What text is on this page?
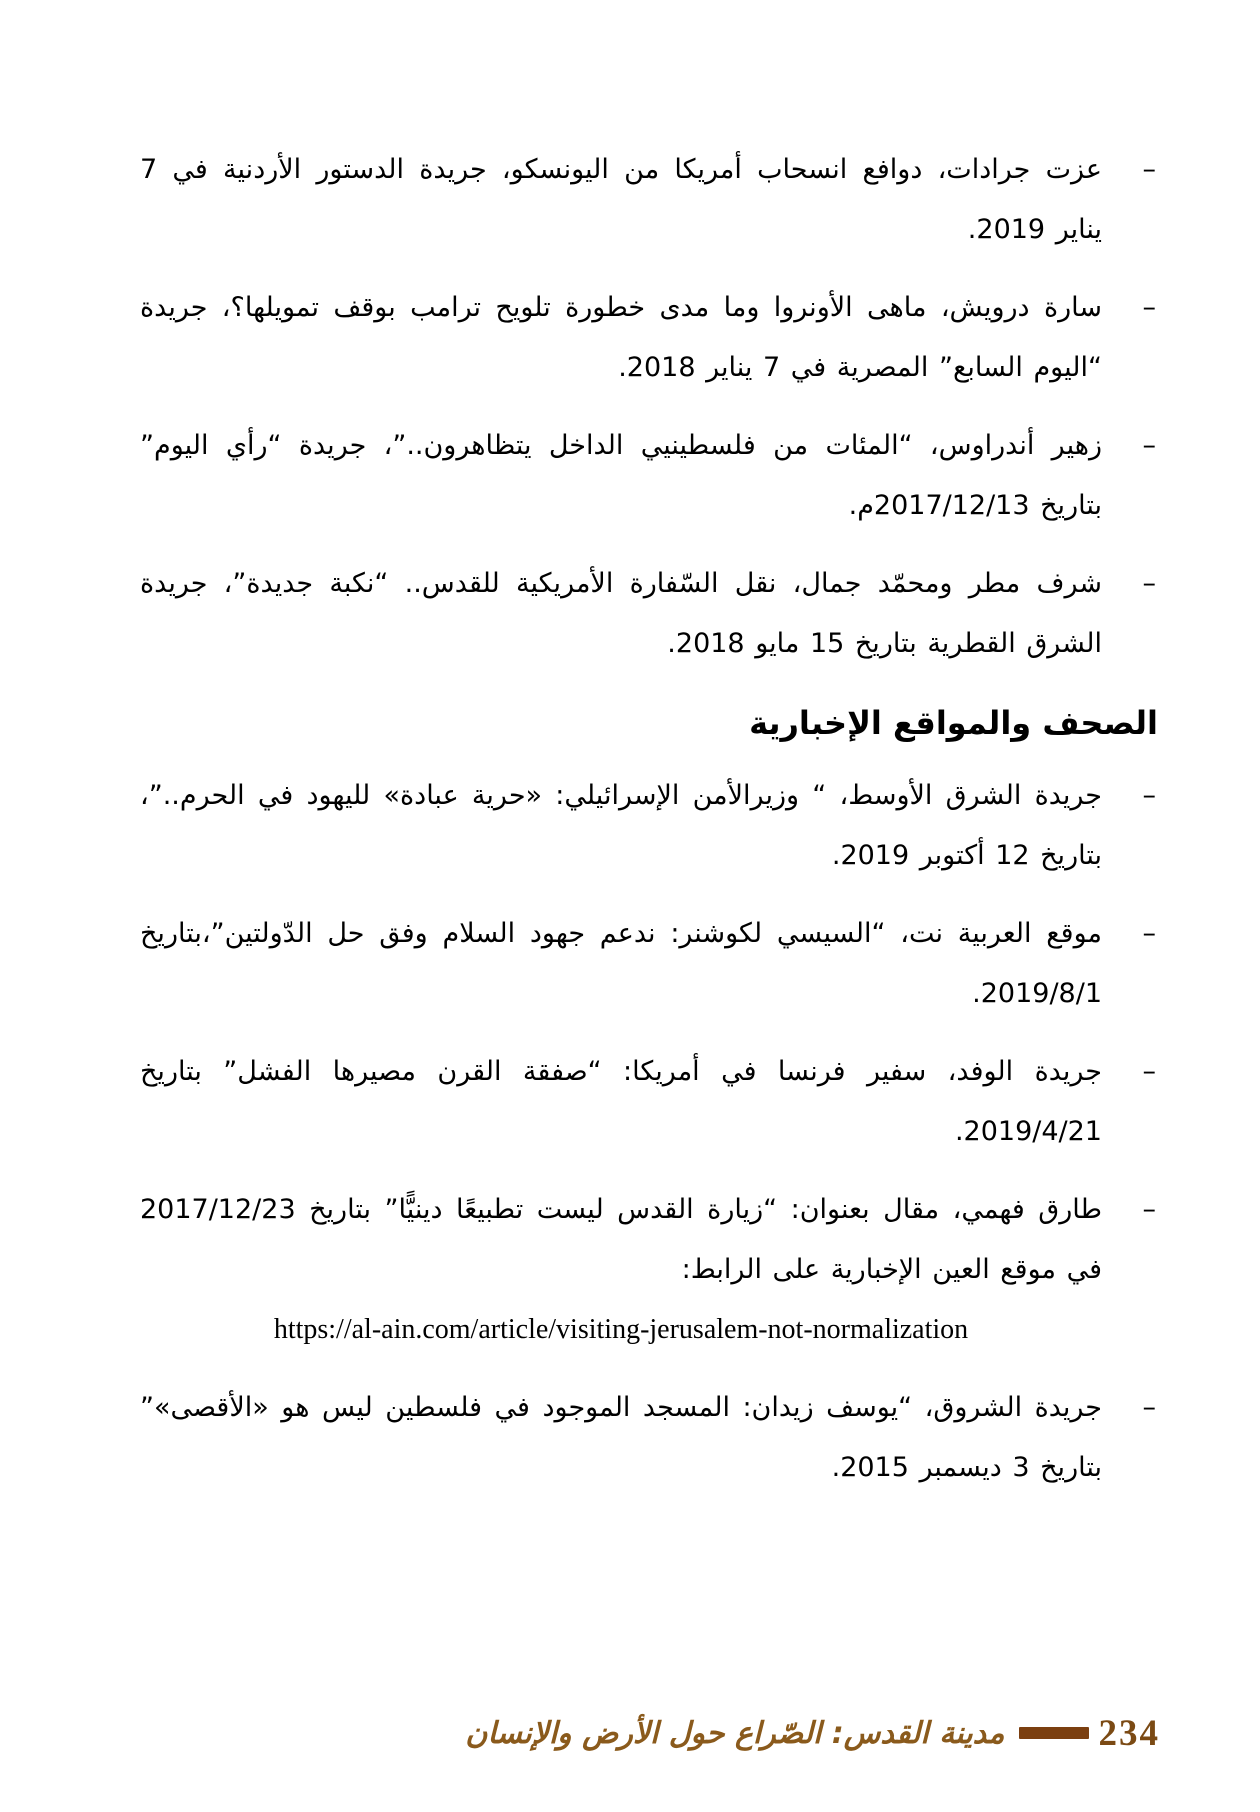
–
عزت جرادات، دوافع انسحاب أمريكا من اليونسكو، جريدة الدستور الأردنية في 7
يناير 2019.
–
سارة درويش، ماهى الأونروا وما مدى خطورة تلويح ترامب بوقف تمويلها؟، جريدة
“اليوم السابع” المصرية في 7 يناير 2018.
–
زهير أندراوس، “المئات من فلسطينيي الداخل يتظاهرون..”، جريدة “رأي اليوم”
بتاريخ 2017/12/13م.
–
شرف مطر ومحمّد جمال، نقل السّفارة الأمريكية للقدس.. “نكبة جديدة”، جريدة
الشرق القطرية بتاريخ 15 مايو 2018.
الصحف والمواقع الإخبارية
–
جريدة الشرق الأوسط، “ وزيرالأمن الإسرائيلي: «حرية عبادة» لليهود في الحرم..”،
بتاريخ 12 أكتوبر 2019.
–
موقع العربية نت، “السيسي لكوشنر: ندعم جهود السلام وفق حل الدّولتين”،بتاريخ
2019/8/1.
–
جريدة الوفد، سفير فرنسا في أمريكا: “صفقة القرن مصيرها الفشل” بتاريخ
2019/4/21.
–
طارق فهمي، مقال بعنوان: “زيارة القدس ليست تطبيعًا دينيًّا” بتاريخ 2017/12/23
في موقع العين الإخبارية على الرابط:
https://al-ain.com/article/visiting-jerusalem-not-normalization
–
جريدة الشروق، “يوسف زيدان: المسجد الموجود في فلسطين ليس هو «الأقصى»”
بتاريخ 3 ديسمبر 2015.
مدينة القدس: الصّراع حول الأرض والإنسان	234
